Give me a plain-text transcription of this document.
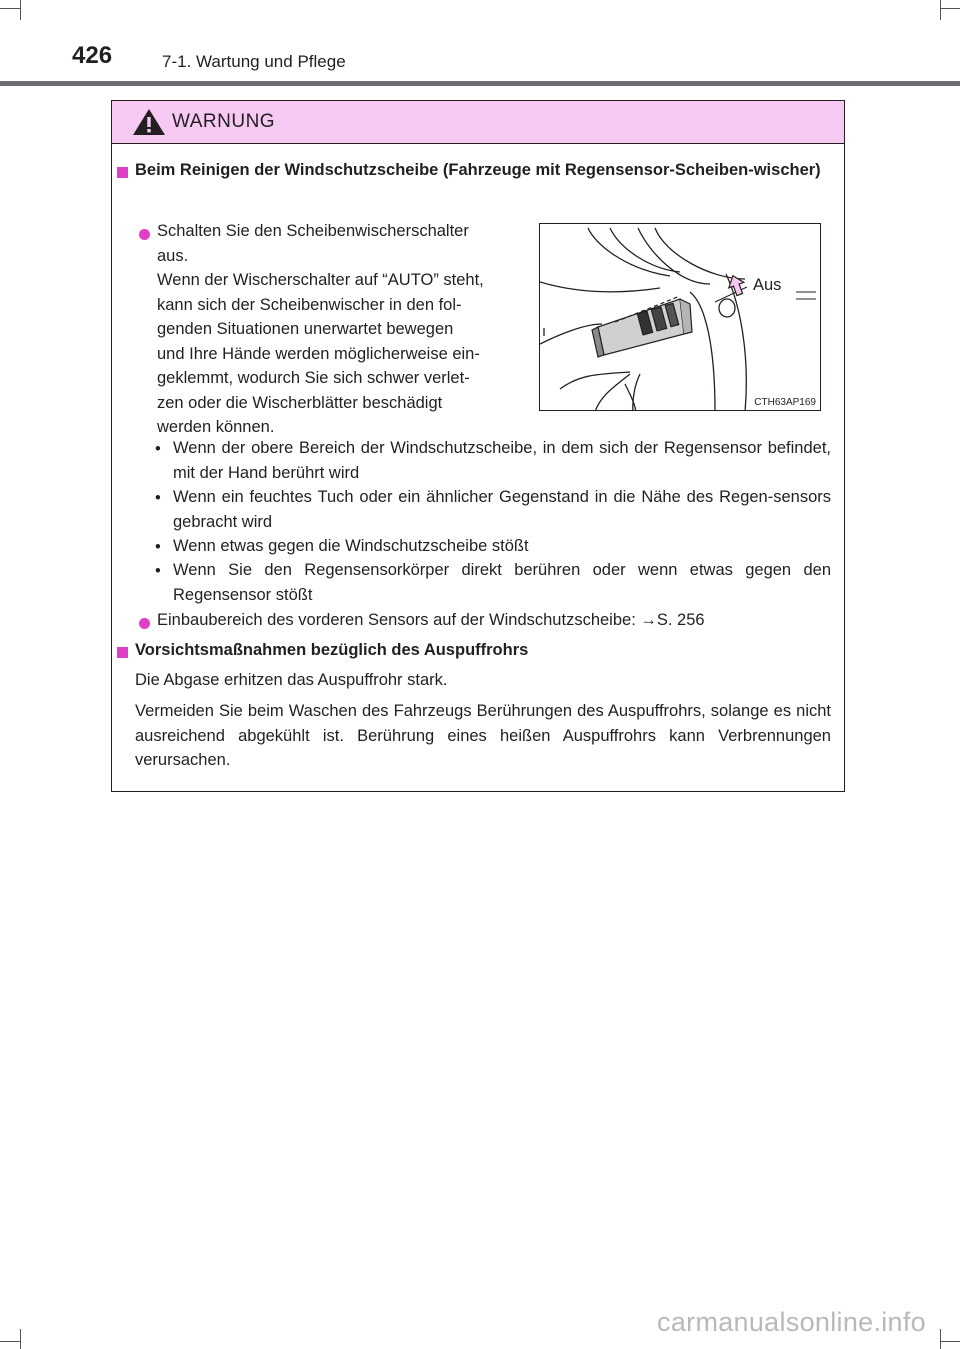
426	7-1. Wartung und Pflege
WARNUNG
Beim Reinigen der Windschutzscheibe (Fahrzeuge mit Regensensor-Scheiben-wischer)
Schalten Sie den Scheibenwischerschalter
aus.
Wenn der Wischerschalter auf “AUTO” steht,
kann sich der Scheibenwischer in den fol-
genden Situationen unerwartet bewegen
und Ihre Hände werden möglicherweise ein-
geklemmt, wodurch Sie sich schwer verlet-
zen oder die Wischerblätter beschädigt
werden können.
Aus
CTH63AP169
• Wenn der obere Bereich der Windschutzscheibe, in dem sich der Regensensor befindet, mit der Hand berührt wird
• Wenn ein feuchtes Tuch oder ein ähnlicher Gegenstand in die Nähe des Regen-sensors gebracht wird
• Wenn etwas gegen die Windschutzscheibe stößt
• Wenn Sie den Regensensorkörper direkt berühren oder wenn etwas gegen den Regensensor stößt
Einbaubereich des vorderen Sensors auf der Windschutzscheibe: →S. 256
Vorsichtsmaßnahmen bezüglich des Auspuffrohrs
Die Abgase erhitzen das Auspuffrohr stark.
Vermeiden Sie beim Waschen des Fahrzeugs Berührungen des Auspuffrohrs, solange es nicht ausreichend abgekühlt ist. Berührung eines heißen Auspuffrohrs kann Verbrennungen verursachen.
carmanualsonline.info
